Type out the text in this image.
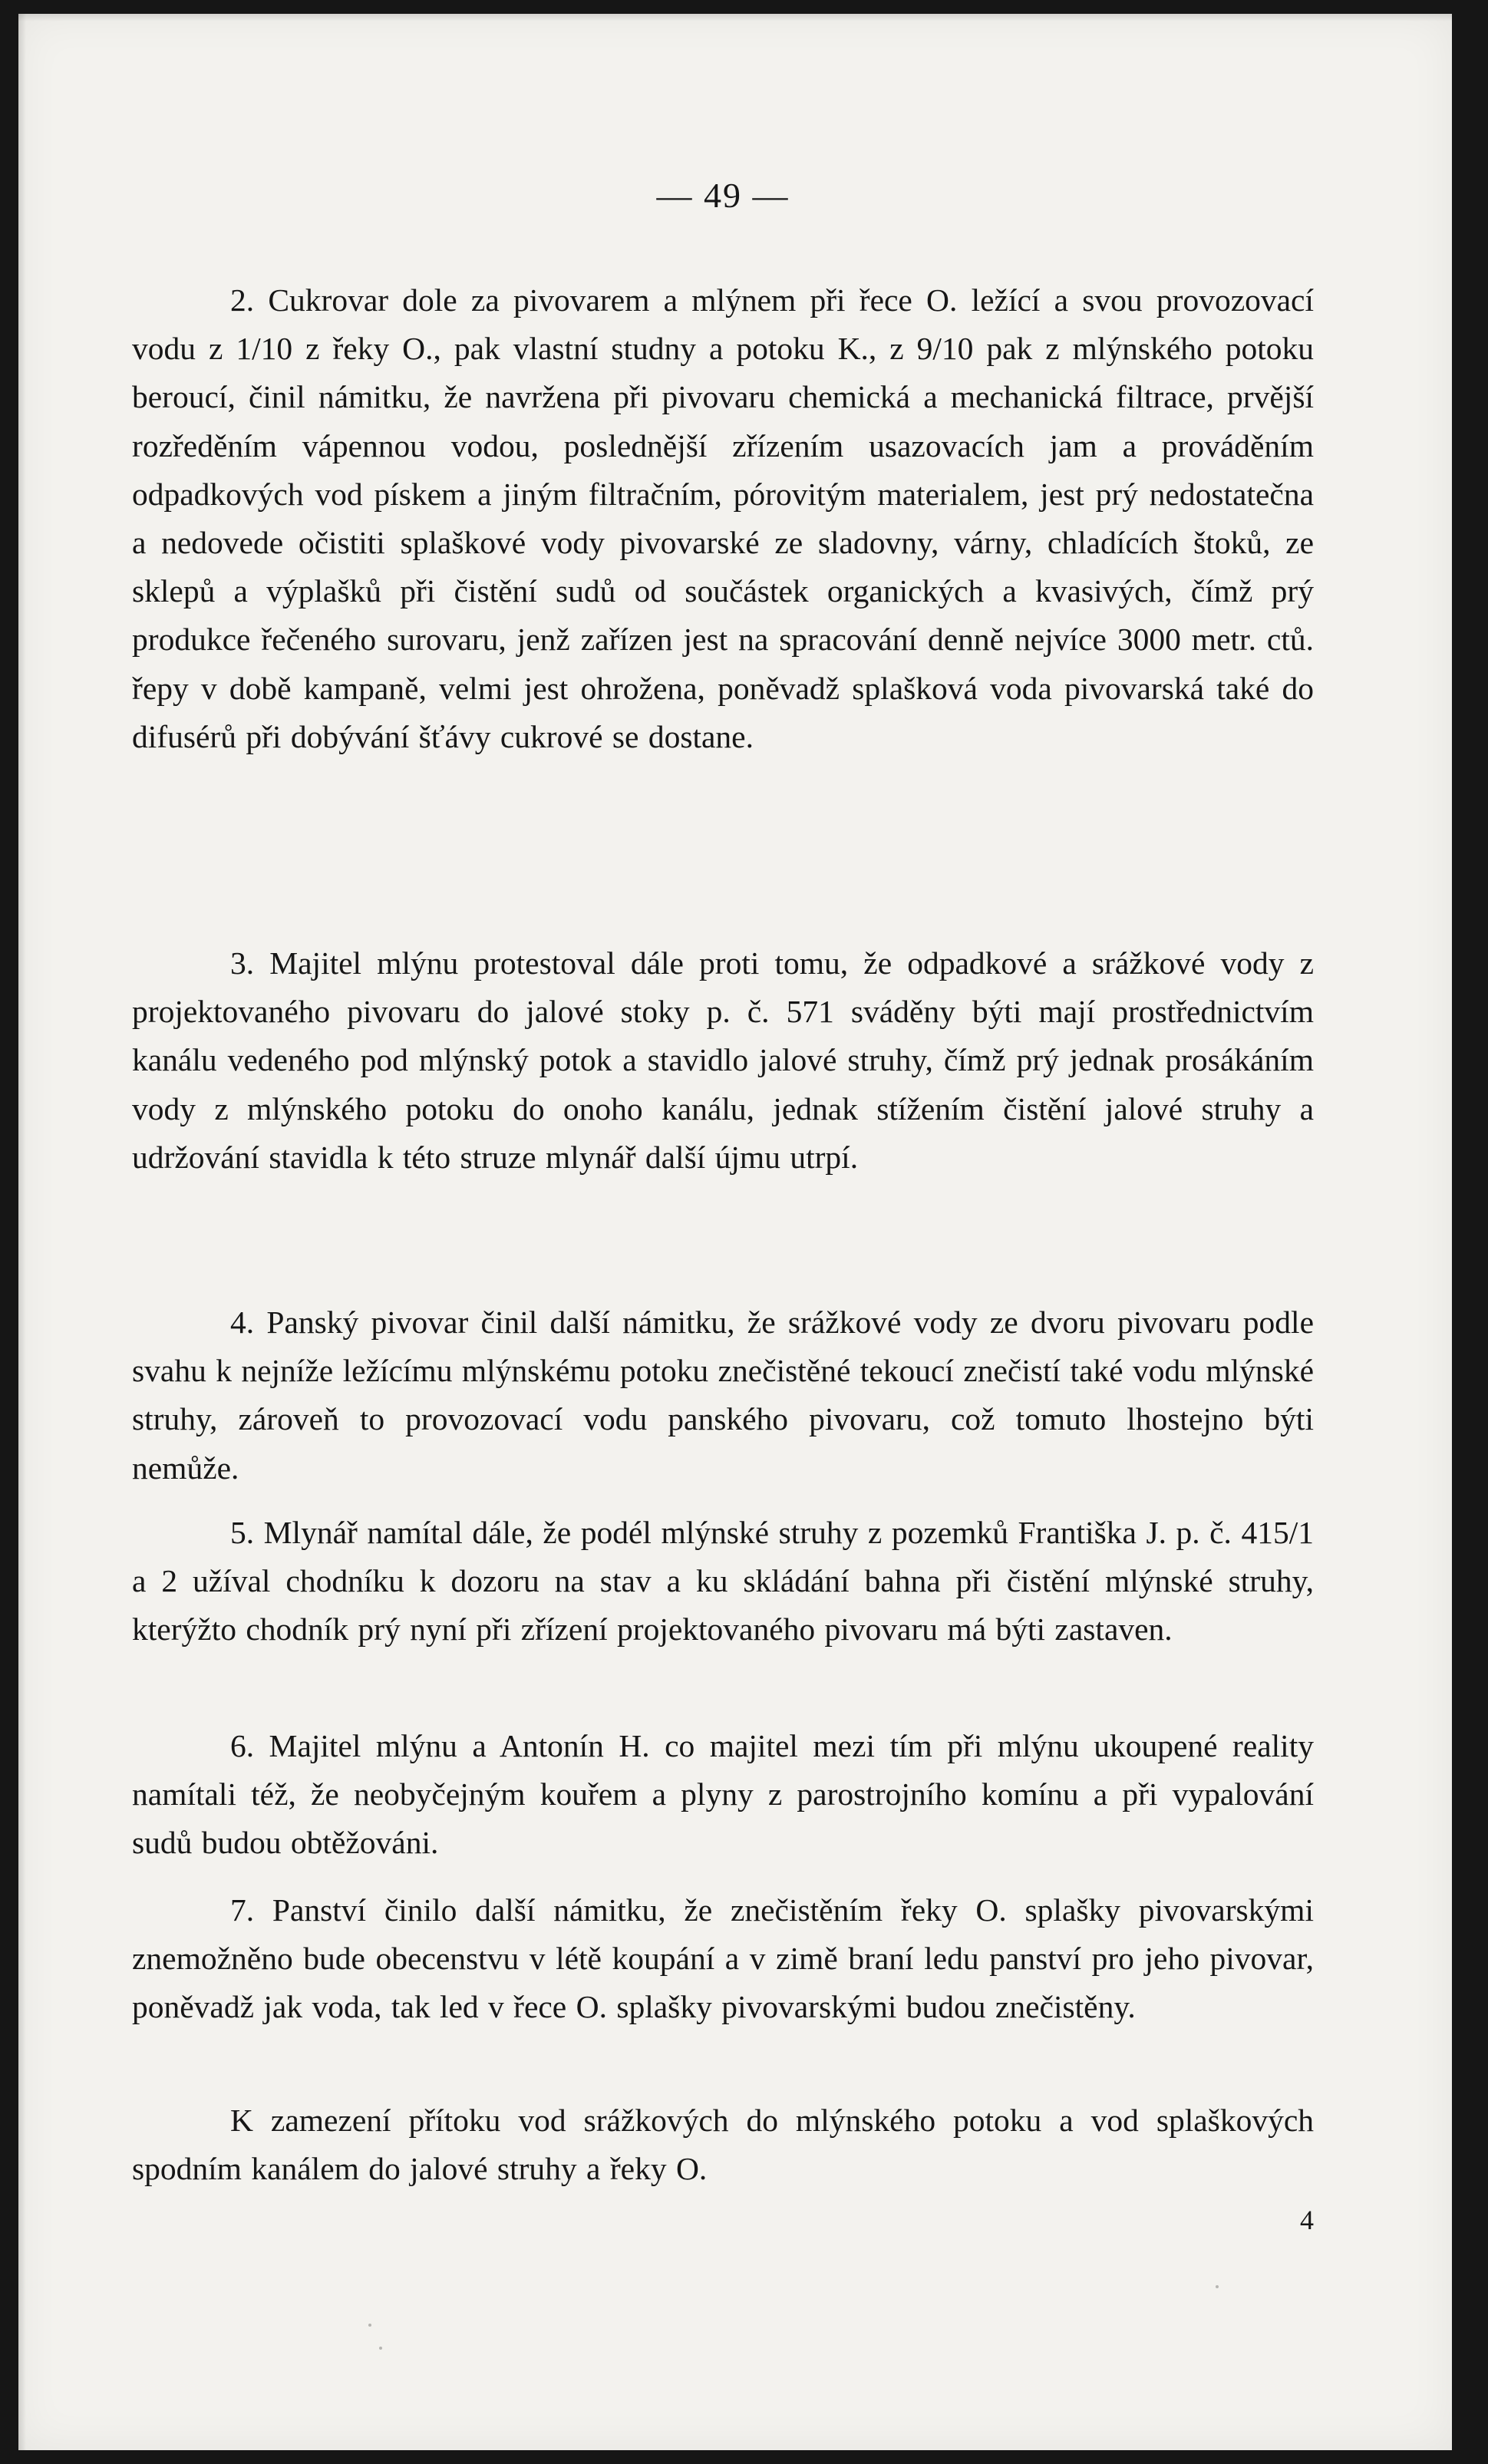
— 49 —

2. Cukrovar dole za pivovarem a mlýnem při řece O. ležící a svou provozovací vodu z 1/10 z řeky O., pak vlastní studny a potoku K., z 9/10 pak z mlýnského potoku beroucí, činil námitku, že navržena při pivovaru chemická a mechanická filtrace, prvější rozředěním vápennou vodou, poslednější zřízením usazovacích jam a prováděním odpadkových vod pískem a jiným filtračním, pórovitým materialem, jest prý nedostatečna a nedovede očistiti splaškové vody pivovarské ze sladovny, várny, chladících štoků, ze sklepů a výplašků při čistění sudů od součástek organických a kvasivých, čímž prý produkce řečeného surovaru, jenž zařízen jest na spracování denně nejvíce 3000 metr. ctů. řepy v době kampaně, velmi jest ohrožena, poněvadž splašková voda pivovarská také do difusérů při dobývání šťávy cukrové se dostane.

3. Majitel mlýnu protestoval dále proti tomu, že odpadkové a srážkové vody z projektovaného pivovaru do jalové stoky p. č. 571 sváděny býti mají prostřednictvím kanálu vedeného pod mlýnský potok a stavidlo jalové struhy, čímž prý jednak prosákáním vody z mlýnského potoku do onoho kanálu, jednak stížením čistění jalové struhy a udržování stavidla k této struze mlynář další újmu utrpí.

4. Panský pivovar činil další námitku, že srážkové vody ze dvoru pivovaru podle svahu k nejníže ležícímu mlýnskému potoku znečistěné tekoucí znečistí také vodu mlýnské struhy, zároveň to provozovací vodu panského pivovaru, což tomuto lhostejno býti nemůže.

5. Mlynář namítal dále, že podél mlýnské struhy z pozemků Františka J. p. č. 415/1 a 2 užíval chodníku k dozoru na stav a ku skládání bahna při čistění mlýnské struhy, kterýžto chodník prý nyní při zřízení projektovaného pivovaru má býti zastaven.

6. Majitel mlýnu a Antonín H. co majitel mezi tím při mlýnu ukoupené reality namítali též, že neobyčejným kouřem a plyny z parostrojního komínu a při vypalování sudů budou obtěžováni.

7. Panství činilo další námitku, že znečistěním řeky O. splašky pivovarskými znemožněno bude obecenstvu v létě koupání a v zimě braní ledu panství pro jeho pivovar, poněvadž jak voda, tak led v řece O. splašky pivovarskými budou znečistěny.

K zamezení přítoku vod srážkových do mlýnského potoku a vod splaškových spodním kanálem do jalové struhy a řeky O.

4
